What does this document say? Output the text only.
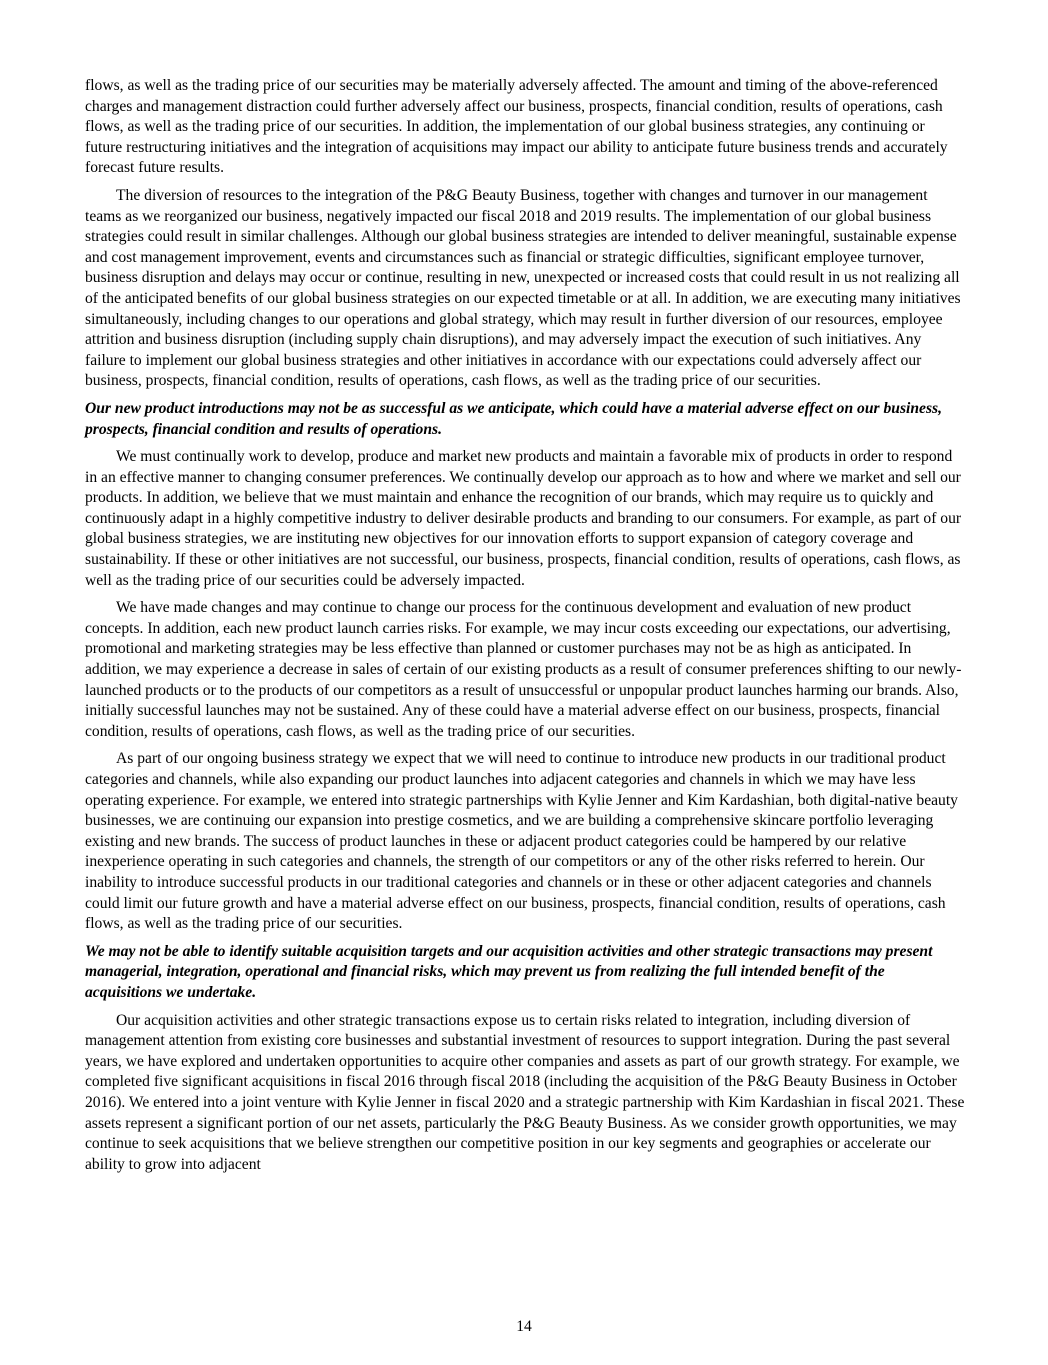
flows, as well as the trading price of our securities may be materially adversely affected. The amount and timing of the above-referenced charges and management distraction could further adversely affect our business, prospects, financial condition, results of operations, cash flows, as well as the trading price of our securities. In addition, the implementation of our global business strategies, any continuing or future restructuring initiatives and the integration of acquisitions may impact our ability to anticipate future business trends and accurately forecast future results.

The diversion of resources to the integration of the P&G Beauty Business, together with changes and turnover in our management teams as we reorganized our business, negatively impacted our fiscal 2018 and 2019 results. The implementation of our global business strategies could result in similar challenges. Although our global business strategies are intended to deliver meaningful, sustainable expense and cost management improvement, events and circumstances such as financial or strategic difficulties, significant employee turnover, business disruption and delays may occur or continue, resulting in new, unexpected or increased costs that could result in us not realizing all of the anticipated benefits of our global business strategies on our expected timetable or at all. In addition, we are executing many initiatives simultaneously, including changes to our operations and global strategy, which may result in further diversion of our resources, employee attrition and business disruption (including supply chain disruptions), and may adversely impact the execution of such initiatives. Any failure to implement our global business strategies and other initiatives in accordance with our expectations could adversely affect our business, prospects, financial condition, results of operations, cash flows, as well as the trading price of our securities.

Our new product introductions may not be as successful as we anticipate, which could have a material adverse effect on our business, prospects, financial condition and results of operations.

We must continually work to develop, produce and market new products and maintain a favorable mix of products in order to respond in an effective manner to changing consumer preferences. We continually develop our approach as to how and where we market and sell our products. In addition, we believe that we must maintain and enhance the recognition of our brands, which may require us to quickly and continuously adapt in a highly competitive industry to deliver desirable products and branding to our consumers. For example, as part of our global business strategies, we are instituting new objectives for our innovation efforts to support expansion of category coverage and sustainability. If these or other initiatives are not successful, our business, prospects, financial condition, results of operations, cash flows, as well as the trading price of our securities could be adversely impacted.

We have made changes and may continue to change our process for the continuous development and evaluation of new product concepts. In addition, each new product launch carries risks. For example, we may incur costs exceeding our expectations, our advertising, promotional and marketing strategies may be less effective than planned or customer purchases may not be as high as anticipated. In addition, we may experience a decrease in sales of certain of our existing products as a result of consumer preferences shifting to our newly-launched products or to the products of our competitors as a result of unsuccessful or unpopular product launches harming our brands. Also, initially successful launches may not be sustained. Any of these could have a material adverse effect on our business, prospects, financial condition, results of operations, cash flows, as well as the trading price of our securities.

As part of our ongoing business strategy we expect that we will need to continue to introduce new products in our traditional product categories and channels, while also expanding our product launches into adjacent categories and channels in which we may have less operating experience. For example, we entered into strategic partnerships with Kylie Jenner and Kim Kardashian, both digital-native beauty businesses, we are continuing our expansion into prestige cosmetics, and we are building a comprehensive skincare portfolio leveraging existing and new brands. The success of product launches in these or adjacent product categories could be hampered by our relative inexperience operating in such categories and channels, the strength of our competitors or any of the other risks referred to herein. Our inability to introduce successful products in our traditional categories and channels or in these or other adjacent categories and channels could limit our future growth and have a material adverse effect on our business, prospects, financial condition, results of operations, cash flows, as well as the trading price of our securities.

We may not be able to identify suitable acquisition targets and our acquisition activities and other strategic transactions may present managerial, integration, operational and financial risks, which may prevent us from realizing the full intended benefit of the acquisitions we undertake.

Our acquisition activities and other strategic transactions expose us to certain risks related to integration, including diversion of management attention from existing core businesses and substantial investment of resources to support integration. During the past several years, we have explored and undertaken opportunities to acquire other companies and assets as part of our growth strategy. For example, we completed five significant acquisitions in fiscal 2016 through fiscal 2018 (including the acquisition of the P&G Beauty Business in October 2016). We entered into a joint venture with Kylie Jenner in fiscal 2020 and a strategic partnership with Kim Kardashian in fiscal 2021. These assets represent a significant portion of our net assets, particularly the P&G Beauty Business. As we consider growth opportunities, we may continue to seek acquisitions that we believe strengthen our competitive position in our key segments and geographies or accelerate our ability to grow into adjacent

14
